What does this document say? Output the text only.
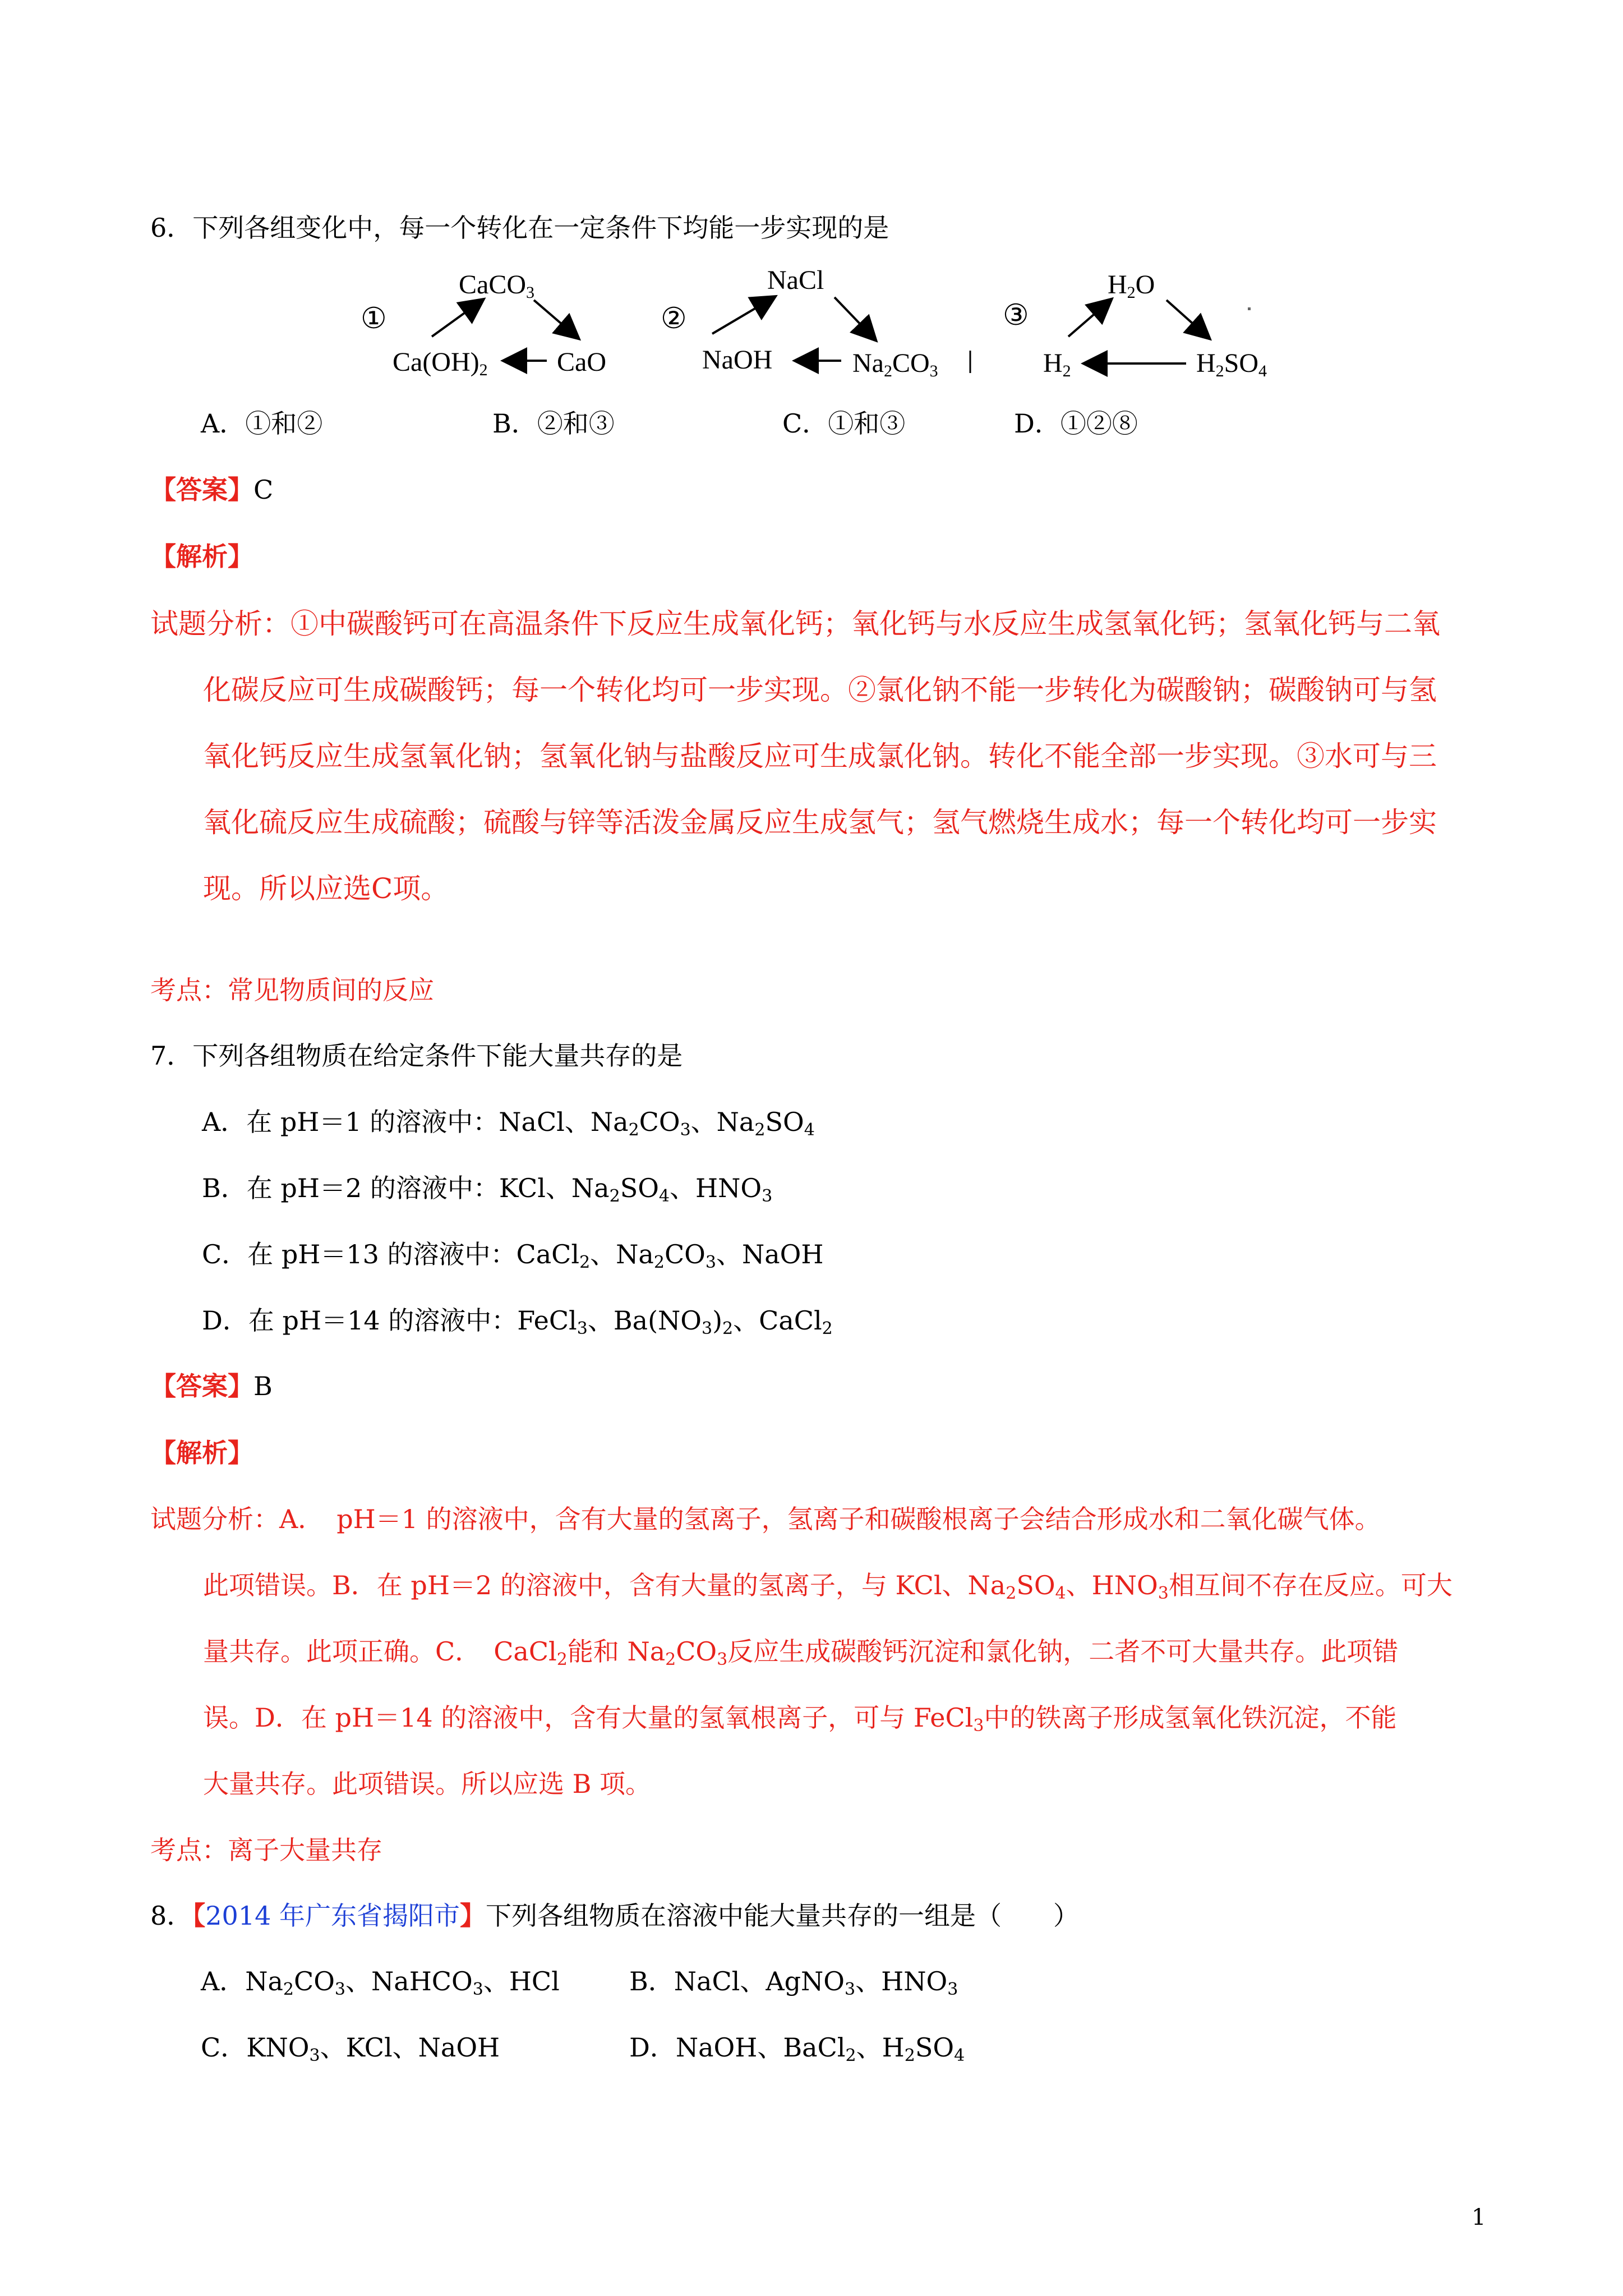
6．下列各组变化中，每一个转化在一定条件下均能一步实现的是
①
CaCO$_3$
$Ca(OH)_2$	CaO
②
NaCl
NaOH	$Na_2CO_3$
③
$H_2O$
$H_2$	$H_2SO_4$
A．①和②	B．②和③	C．①和③	D．①②⑧
【答案】C
【解析】
试题分析：①中碳酸钙可在高温条件下反应生成氧化钙；氧化钙与水反应生成氢氧化钙；氢氧化钙与二氧
化碳反应可生成碳酸钙；每一个转化均可一步实现。②氯化钠不能一步转化为碳酸钠；碳酸钠可与氢
氧化钙反应生成氢氧化钠；氢氧化钠与盐酸反应可生成氯化钠。转化不能全部一步实现。③水可与三
氧化硫反应生成硫酸；硫酸与锌等活泼金属反应生成氢气；氢气燃烧生成水；每一个转化均可一步实
现。所以应选C项。
考点：常见物质间的反应
7．下列各组物质在给定条件下能大量共存的是
A．在 pH＝1 的溶液中：NaCl、$Na_2CO_3$、$Na_2SO_4$
B．在 pH＝2 的溶液中：KCl、$Na_2SO_4$、$HNO_3$
C．在 pH＝13 的溶液中：CaCl$_2$、$Na_2CO_3$、NaOH
D．在 pH＝14 的溶液中：FeCl$_3$、$Ba(NO_3)_2$、CaCl$_2$
【答案】B
【解析】
试题分析：A．　pH＝1 的溶液中，含有大量的氢离子，氢离子和碳酸根离子会结合形成水和二氧化碳气体。
此项错误。B．在 pH＝2 的溶液中，含有大量的氢离子，与 KCl、$Na_2SO_4$、$HNO_3$相互间不存在反应。可大
量共存。此项正确。C．　CaCl$_2$能和 $Na_2CO_3$反应生成碳酸钙沉淀和氯化钠，二者不可大量共存。此项错
误。D．在 pH＝14 的溶液中，含有大量的氢氧根离子，可与 FeCl$_3$中的铁离子形成氢氧化铁沉淀，不能
大量共存。此项错误。所以应选 B 项。
考点：离子大量共存
8．【2014 年广东省揭阳市】下列各组物质在溶液中能大量共存的一组是（　　）
A．$Na_2CO_3$、NaHCO$_3$、HCl	B．NaCl、AgNO$_3$、$HNO_3$
C．$KNO_3$、KCl、NaOH	D．NaOH、BaCl$_2$、$H_2SO_4$
1
